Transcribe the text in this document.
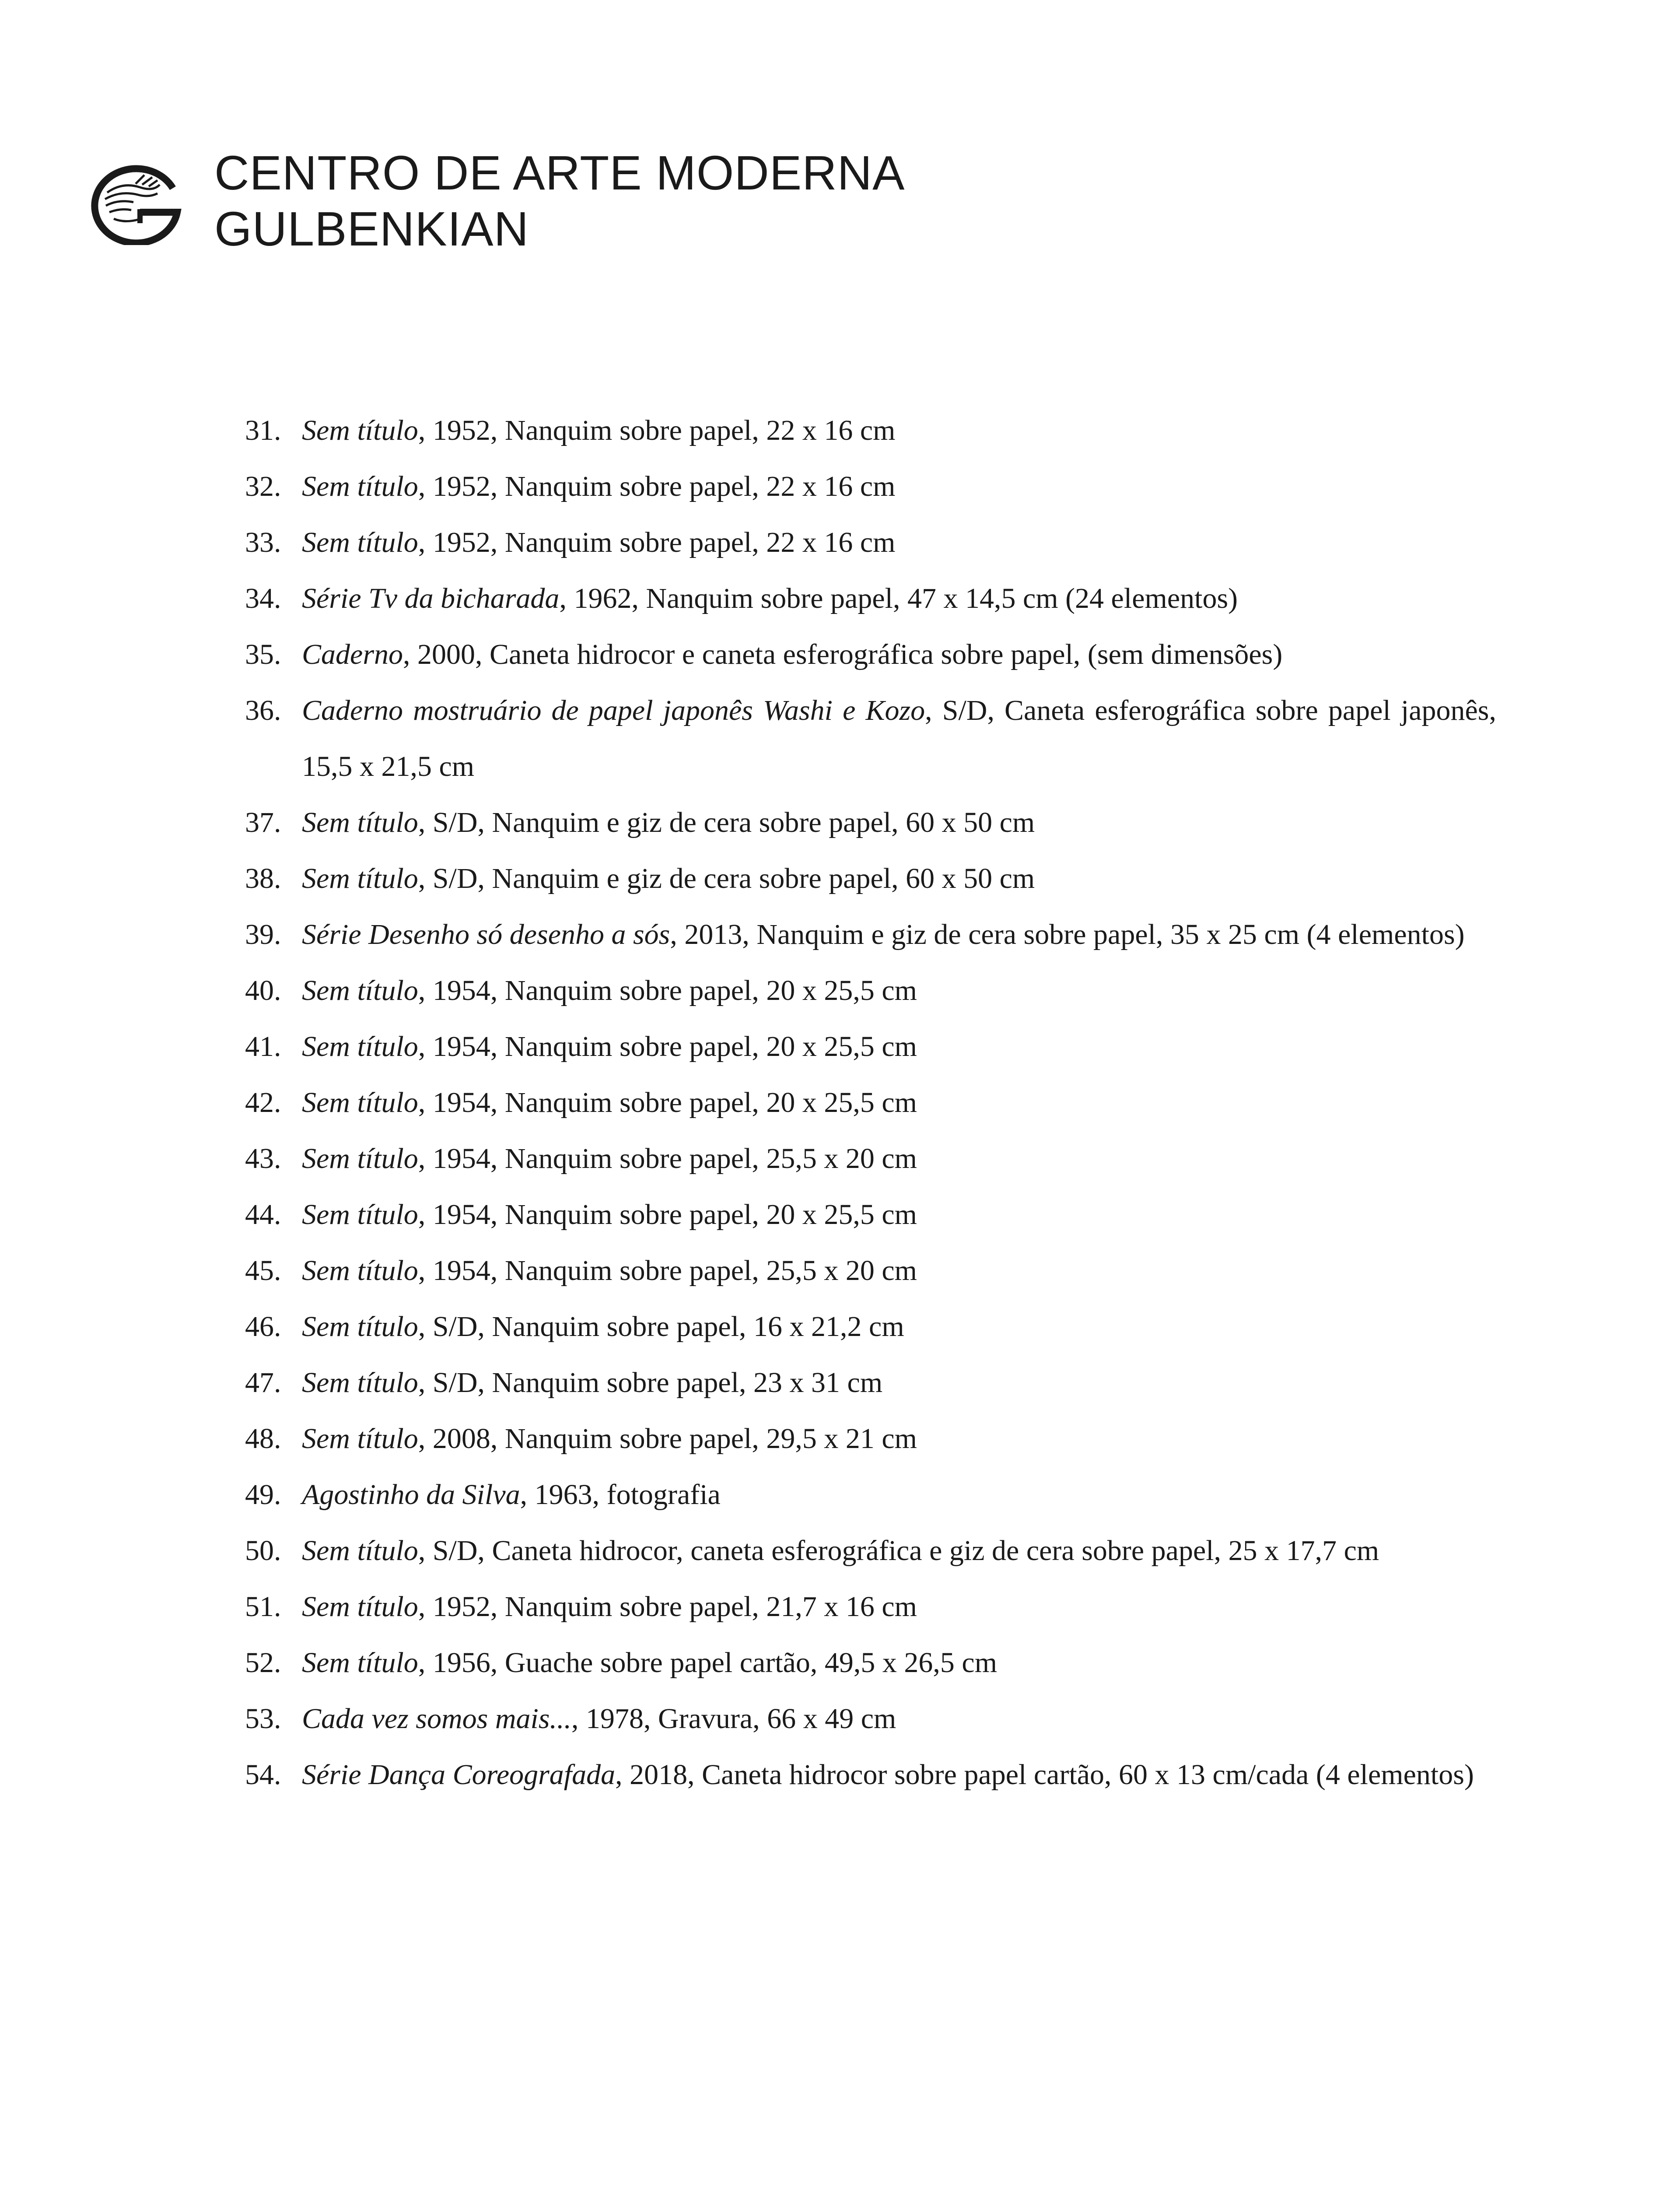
CENTRO DE ARTE MODERNA
GULBENKIAN
31. Sem título, 1952, Nanquim sobre papel, 22 x 16 cm
32. Sem título, 1952, Nanquim sobre papel, 22 x 16 cm
33. Sem título, 1952, Nanquim sobre papel, 22 x 16 cm
34. Série Tv da bicharada, 1962, Nanquim sobre papel, 47 x 14,5 cm (24 elementos)
35. Caderno, 2000, Caneta hidrocor e caneta esferográfica sobre papel, (sem dimensões)
36. Caderno mostruário de papel japonês Washi e Kozo, S/D, Caneta esferográfica sobre papel japonês, 15,5 x 21,5 cm
37. Sem título, S/D, Nanquim e giz de cera sobre papel, 60 x 50 cm
38. Sem título, S/D, Nanquim e giz de cera sobre papel, 60 x 50 cm
39. Série Desenho só desenho a sós, 2013, Nanquim e giz de cera sobre papel, 35 x 25 cm (4 elementos)
40. Sem título, 1954, Nanquim sobre papel, 20 x 25,5 cm
41. Sem título, 1954, Nanquim sobre papel, 20 x 25,5 cm
42. Sem título, 1954, Nanquim sobre papel, 20 x 25,5 cm
43. Sem título, 1954, Nanquim sobre papel, 25,5 x 20 cm
44. Sem título, 1954, Nanquim sobre papel, 20 x 25,5 cm
45. Sem título, 1954, Nanquim sobre papel, 25,5 x 20 cm
46. Sem título, S/D, Nanquim sobre papel, 16 x 21,2 cm
47. Sem título, S/D, Nanquim sobre papel, 23 x 31 cm
48. Sem título, 2008, Nanquim sobre papel, 29,5 x 21 cm
49. Agostinho da Silva, 1963, fotografia
50. Sem título, S/D, Caneta hidrocor, caneta esferográfica e giz de cera sobre papel, 25 x 17,7 cm
51. Sem título, 1952, Nanquim sobre papel, 21,7 x 16 cm
52. Sem título, 1956, Guache sobre papel cartão, 49,5 x 26,5 cm
53. Cada vez somos mais..., 1978, Gravura, 66 x 49 cm
54. Série Dança Coreografada, 2018, Caneta hidrocor sobre papel cartão, 60 x 13 cm/cada (4 elementos)
